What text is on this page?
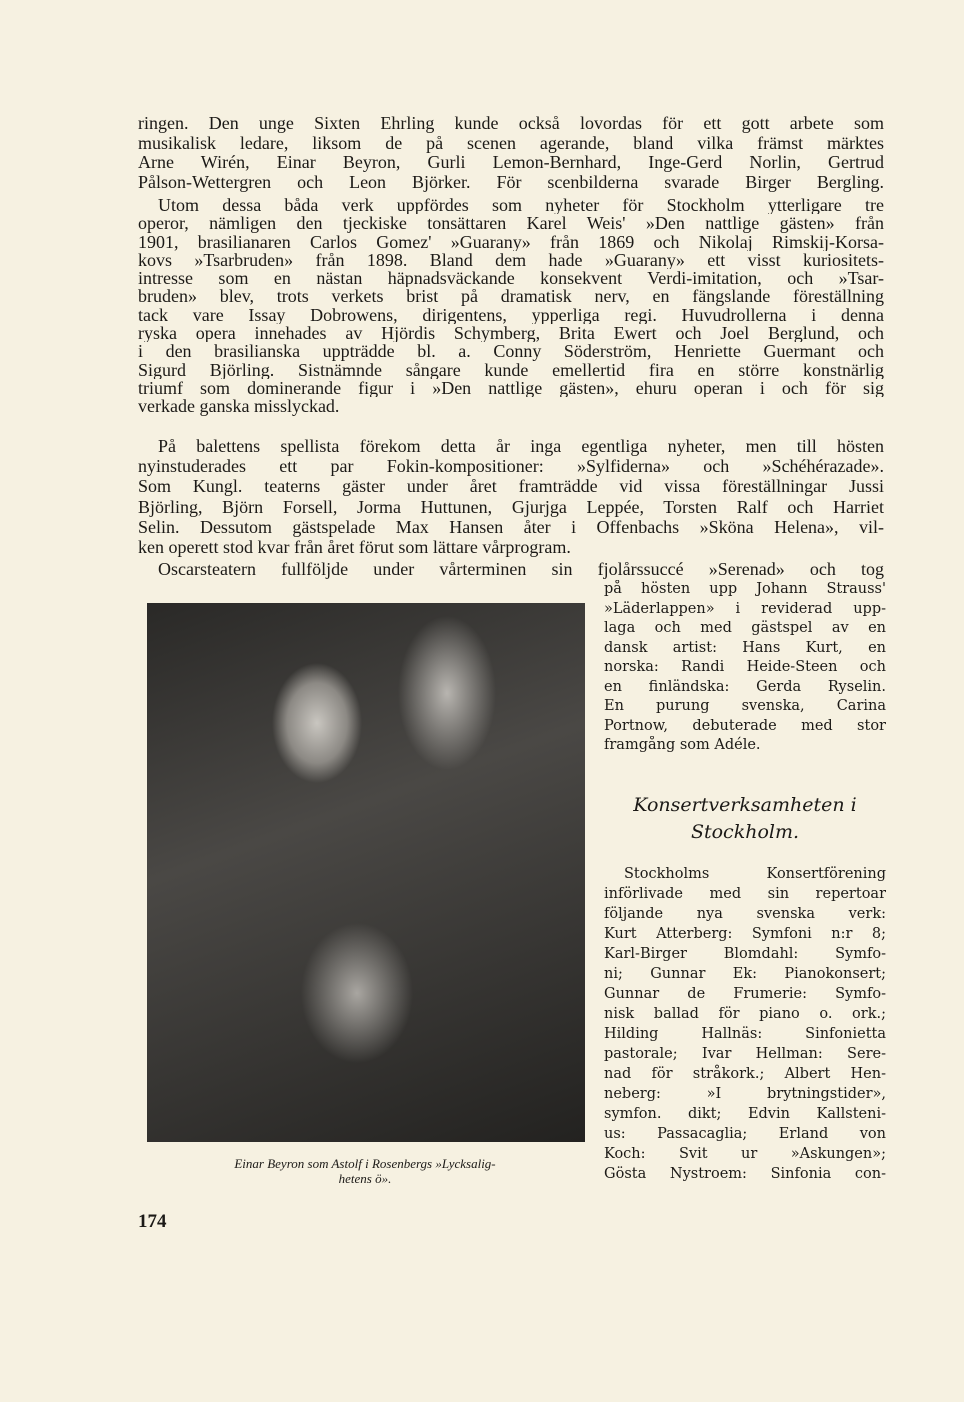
ringen. Den unge Sixten Ehrling kunde också lovordas för ett gott arbete som
musikalisk ledare, liksom de på scenen agerande, bland vilka främst märktes
Arne Wirén, Einar Beyron, Gurli Lemon-Bernhard, Inge-Gerd Norlin, Gertrud
Pålson-Wettergren och Leon Björker. För scenbilderna svarade Birger Bergling.
Utom dessa båda verk uppfördes som nyheter för Stockholm ytterligare tre
operor, nämligen den tjeckiske tonsättaren Karel Weis' »Den nattlige gästen» från
1901, brasilianaren Carlos Gomez' »Guarany» från 1869 och Nikolaj Rimskij-Korsa-
kovs »Tsarbruden» från 1898. Bland dem hade »Guarany» ett visst kuriositets-
intresse som en nästan häpnadsväckande konsekvent Verdi-imitation, och »Tsar-
bruden» blev, trots verkets brist på dramatisk nerv, en fängslande föreställning
tack vare Issay Dobrowens, dirigentens, ypperliga regi. Huvudrollerna i denna
ryska opera innehades av Hjördis Schymberg, Brita Ewert och Joel Berglund, och
i den brasilianska uppträdde bl. a. Conny Söderström, Henriette Guermant och
Sigurd Björling. Sistnämnde sångare kunde emellertid fira en större konstnärlig
triumf som dominerande figur i »Den nattlige gästen», ehuru operan i och för sig
verkade ganska misslyckad.
På balettens spellista förekom detta år inga egentliga nyheter, men till hösten
nyinstuderades ett par Fokin-kompositioner: »Sylfiderna» och »Schéhérazade».
Som Kungl. teaterns gäster under året framträdde vid vissa föreställningar Jussi
Björling, Björn Forsell, Jorma Huttunen, Gjurjga Leppée, Torsten Ralf och Harriet
Selin. Dessutom gästspelade Max Hansen åter i Offenbachs »Sköna Helena», vil-
ken operett stod kvar från året förut som lättare vårprogram.
Oscarsteatern fullföljde under vårterminen sin fjolårssuccé »Serenad» och tog
Einar Beyron som Astolf i Rosenbergs »Lycksalig-
hetens ö».
på hösten upp Johann Strauss'
»Läderlappen» i reviderad upp-
laga och med gästspel av en
dansk artist: Hans Kurt, en
norska: Randi Heide-Steen och
en finländska: Gerda Ryselin.
En purung svenska, Carina
Portnow, debuterade med stor
framgång som Adéle.
Konsertverksamheten i
Stockholm.
Stockholms Konsertförening
införlivade med sin repertoar
följande nya svenska verk:
Kurt Atterberg: Symfoni n:r 8;
Karl-Birger Blomdahl: Symfo-
ni; Gunnar Ek: Pianokonsert;
Gunnar de Frumerie: Symfo-
nisk ballad för piano o. ork.;
Hilding Hallnäs: Sinfonietta
pastorale; Ivar Hellman: Sere-
nad för stråkork.; Albert Hen-
neberg: »I brytningstider»,
symfon. dikt; Edvin Kallsteni-
us: Passacaglia; Erland von
Koch: Svit ur »Askungen»;
Gösta Nystroem: Sinfonia con-
174
